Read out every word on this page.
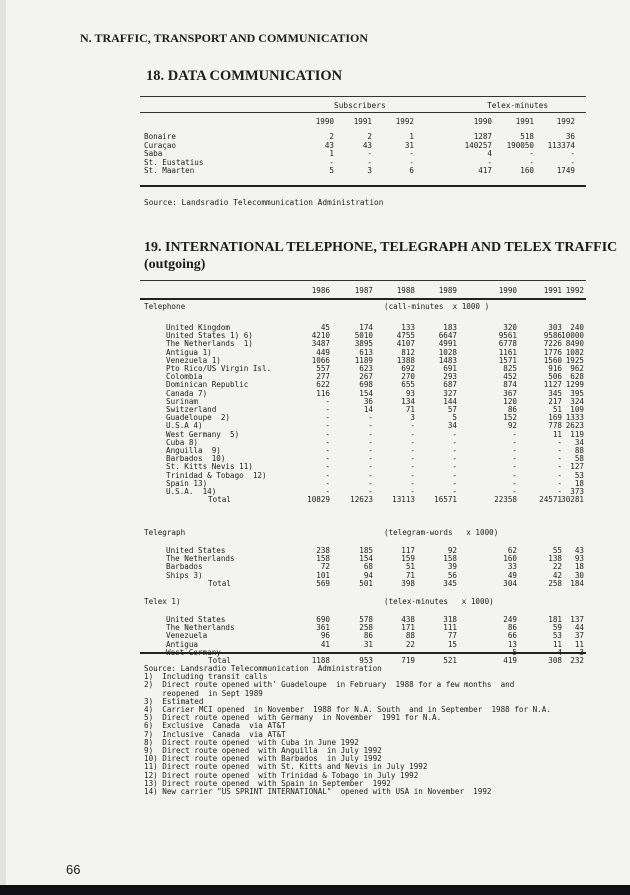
N. TRAFFIC, TRANSPORT AND COMMUNICATION
18. DATA COMMUNICATION
Subscribers	Telex-minutes
1990	1991	1992	1990	1991	1992
Bonaire	2	2	1	1287	518	36
Curaçao	43	43	31	140257	190050	113374
Saba	1	-	-	4	-	-
St. Eustatius	-	-	-	-	-	-
St. Maarten	5	3	6	417	160	1749
Source: Landsradio Telecommunication Administration
19. INTERNATIONAL TELEPHONE, TELEGRAPH AND TELEX TRAFFIC
(outgoing)
1986	1987	1988	1989	1990	1991 1992
Telephone	(call-minutes  x 1000 )
United Kingdom	45	174	133	183	320	303	240
United States 1) 6)	4210	5010	4755	6647	9561	9586 10000
The Netherlands  1)	3487	3895	4107	4991	6778	7226 8490
Antigua 1)	449	613	812	1028	1161	1776 1082
Venezuela 1)	1066	1189	1388	1483	1571	1560 1925
Pto Rico/US Virgin Isl.	557	623	692	691	825	916	962
Colombia	277	267	270	293	452	506	628
Dominican Republic	622	698	655	687	874	1127 1299
Canada 7)	116	154	93	327	367	345	395
Surinam	-	36	134	144	120	217	324
Switzerland	-	14	71	57	86	51	109
Guadeloupe  2)	-	-	3	5	152	169 1333
U.S.A 4)	-	-	-	34	92	778 2623
West Germany  5)	-	-	-	-	-	11	119
Cuba 8)	-	-	-	-	-	-	34
Anguilla  9)	-	-	-	-	-	-	88
Barbados  10)	-	-	-	-	-	-	58
St. Kitts Nevis 11)	-	-	-	-	-	-	127
Trinidad & Tobago  12)	-	-	-	-	-	-	53
Spain 13)	-	-	-	-	-	-	18
U.S.A.  14)	-	-	-	-	-	-	373
Total	10829	12623	13113	16571	22358	24571 30281
Telegraph	(telegram-words   x 1000)
United States	238	185	117	92	62	55	43
The Netherlands	158	154	159	158	160	138	93
Barbados	72	68	51	39	33	22	18
Ships 3)	101	94	71	56	49	42	30
Total	569	501	398	345	304	258	184
Telex 1)	(telex-minutes   x 1000)
United States	690	578	438	318	249	181	137
The Netherlands	361	258	171	111	86	59	44
Venezuela	96	86	88	77	66	53	37
Antigua	41	31	22	15	13	11	11
West Germany	-	-	-	-	5	4	3
Total	1188	953	719	521	419	308	232
Source: Landsradio Telecommunication  Administration
1)  Including transit calls
2)  Direct route opened with' Guadeloupe  in February  1988 for a few months  and
reopened  in Sept 1989
3)  Estimated
4)  Carrier MCI opened  in November  1988 for N.A. South  and in September  1988 for N.A.
5)  Direct route opened  with Germany  in November  1991 for N.A.
6)  Exclusive  Canada  via AT&T
7)  Inclusive  Canada  via AT&T
8)  Direct route opened  with Cuba in June 1992
9)  Direct route opened  with Anguilla  in July 1992
10) Direct route opened  with Barbados  in July 1992
11) Direct route opened  with St. Kitts and Nevis in July 1992
12) Direct route opened  with Trinidad & Tobago in July 1992
13) Direct route opened  with Spain in September  1992
14) New carrier "US SPRINT INTERNATIONAL"  opened with USA in November  1992
66
